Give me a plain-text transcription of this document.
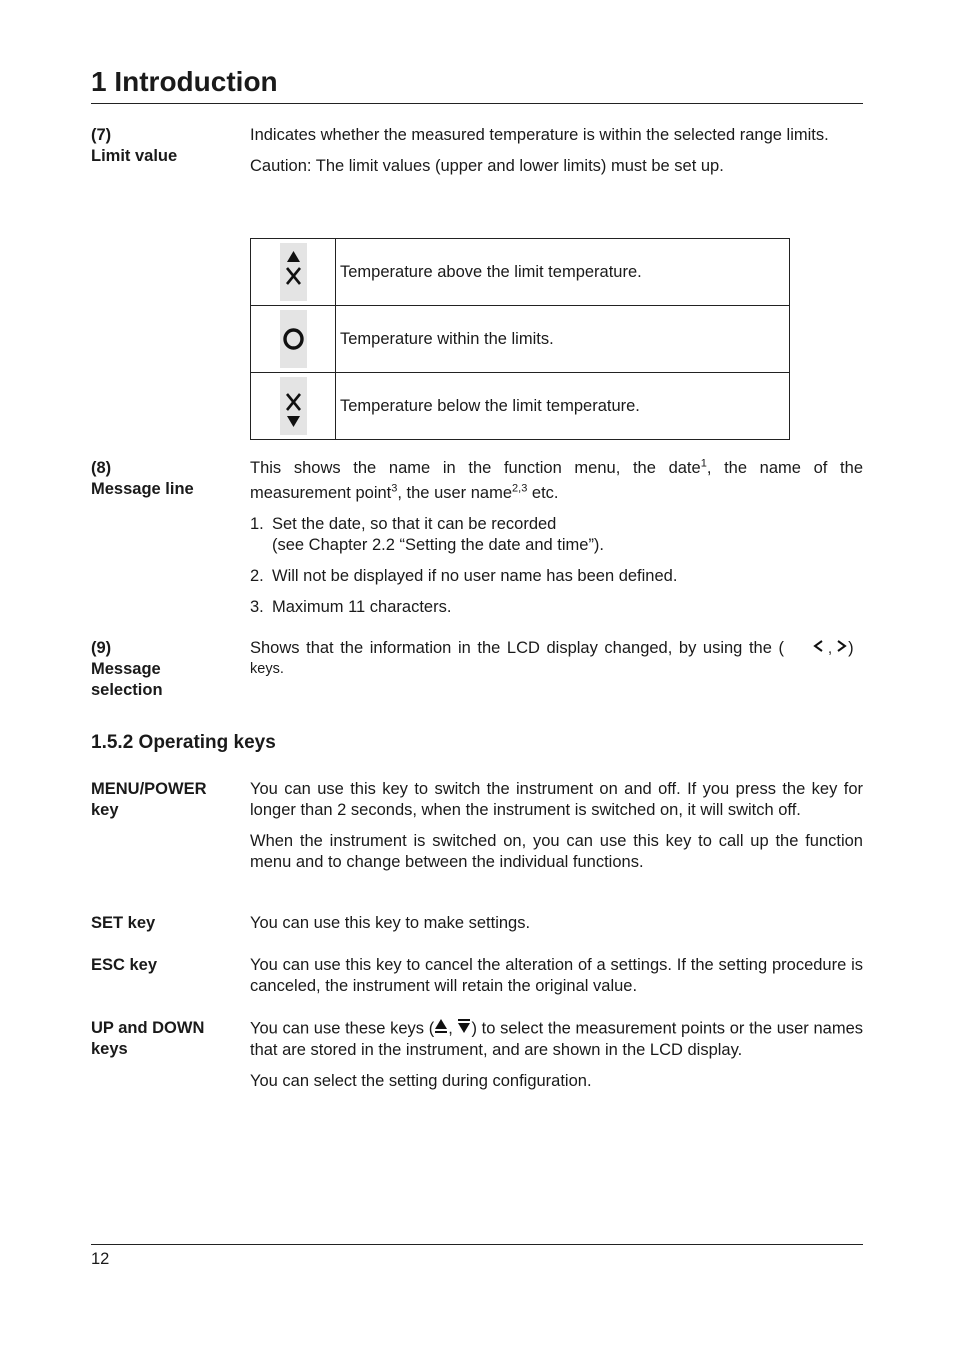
1 Introduction
(7)
Limit value

Indicates whether the measured temperature is within the selected range limits.

Caution: The limit values (upper and lower limits) must be set up.

	Temperature above the limit temperature.

	Temperature within the limits.

	Temperature below the limit temperature.
(8)
Message line

This shows the name in the function menu, the date$^1$, the name of the measurement point$^3$, the user name$^{2,3}$ etc.

1. Set the date, so that it can be recorded
(see Chapter 2.2 “Setting the date and time”).
2. Will not be displayed if no user name has been defined.
3. Maximum 11 characters.
(9)
Message
selection
Shows that the information in the LCD display changed, by using the (	, )
keys.
1.5.2 Operating keys
MENU/POWER
key

You can use this key to switch the instrument on and off. If you press the key for longer than 2 seconds, when the instrument is switched on, it will switch off.

When the instrument is switched on, you can use this key to call up the function menu and to change between the individual functions.

SET key	You can use this key to make settings.
ESC key	You can use this key to cancel the alteration of a settings. If the setting procedure is canceled, the instrument will retain the original value.

UP and DOWN
keys

You can use these keys ( , ) to select the measurement points or the user names that are stored in the instrument, and are shown in the LCD display.

You can select the setting during configuration.

12
